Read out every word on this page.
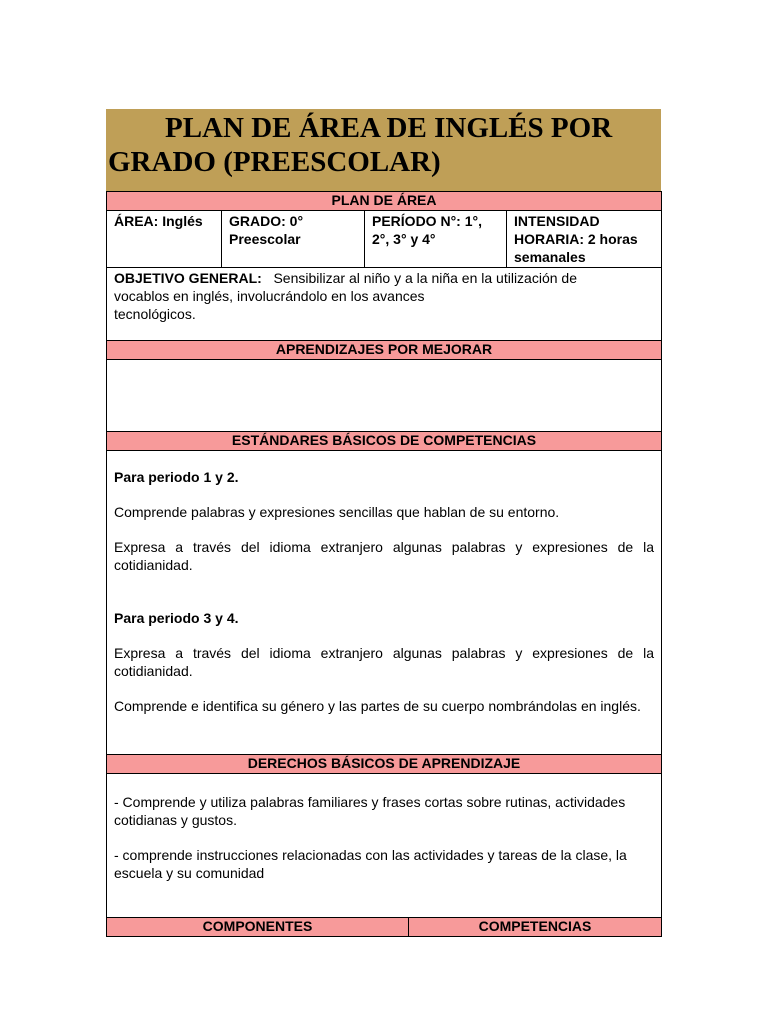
PLAN DE ÁREA DE INGLÉS POR
GRADO (PREESCOLAR)

PLAN DE ÁREA
ÁREA: Inglés	GRADO: 0° Preescolar	PERÍODO N°: 1°, 2°, 3° y 4°	INTENSIDAD HORARIA: 2 horas
semanales
OBJETIVO GENERAL: Sensibilizar al niño y a la niña en la utilización de
vocablos en inglés, involucrándolo en los avances
tecnológicos.
APRENDIZAJES POR MEJORAR

ESTÁNDARES BÁSICOS DE COMPETENCIAS

Para periodo 1 y 2.

Comprende palabras y expresiones sencillas que hablan de su entorno.

Expresa a través del idioma extranjero algunas palabras y expresiones de la cotidianidad.

Para periodo 3 y 4.

Expresa a través del idioma extranjero algunas palabras y expresiones de la cotidianidad.

Comprende e identifica su género y las partes de su cuerpo nombrándolas en inglés.

DERECHOS BÁSICOS DE APRENDIZAJE

- Comprende y utiliza palabras familiares y frases cortas sobre rutinas, actividades cotidianas y gustos.

- comprende instrucciones relacionadas con las actividades y tareas de la clase, la escuela y su comunidad

COMPONENTES	COMPETENCIAS
